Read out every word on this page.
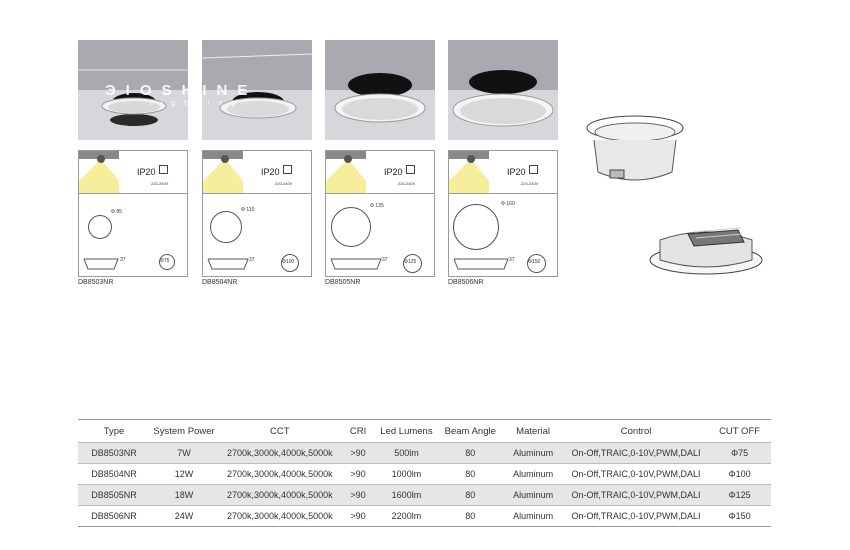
ЭIOSHINE
lighting
IP20
220-240V
Φ 85
37	Φ75
IP20
220-240V
Φ 110
37	Φ100
IP20
220-240V
Φ 135
37	Φ125
IP20
220-240V
Φ 160
37	Φ150
DB8503NR	DB8504NR	DB8505NR	DB8506NR
Type	System Power	CCT	CRI	Led Lumens	Beam Angle	Material	Control	CUT OFF
DB8503NR	7W	2700k,3000k,4000k,5000k	>90	500lm	80	Aluminum	On-Off,TRAIC,0-10V,PWM,DALI	Φ75
DB8504NR	12W	2700k,3000k,4000k,5000k	>90	1000lm	80	Aluminum	On-Off,TRAIC,0-10V,PWM,DALI	Φ100
DB8505NR	18W	2700k,3000k,4000k,5000k	>90	1600lm	80	Aluminum	On-Off,TRAIC,0-10V,PWM,DALI	Φ125
DB8506NR	24W	2700k,3000k,4000k,5000k	>90	2200lm	80	Aluminum	On-Off,TRAIC,0-10V,PWM,DALI	Φ150
